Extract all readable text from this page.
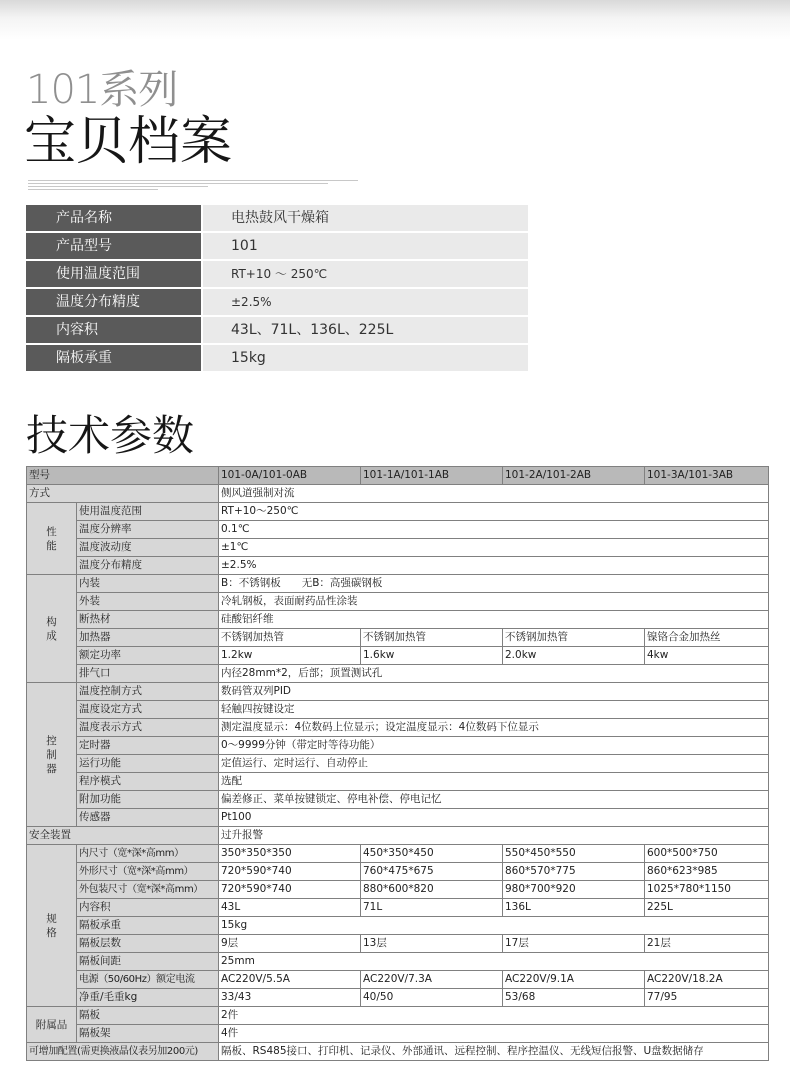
101系列
宝贝档案
产品名称	电热鼓风干燥箱
产品型号	101
使用温度范围	RT+10 ～ 250℃
温度分布精度	±2.5%
内容积	43L、71L、136L、225L
隔板承重	15kg
技术参数
型号		101-0A/101-0AB	101-1A/101-1AB	101-2A/101-2AB	101-3A/101-3AB
方式		侧风道强制对流			
性
能	使用温度范围	RT+10～250℃			
	温度分辨率	0.1℃			
	温度波动度	±1℃			
	温度分布精度	±2.5%			
构
成	内装	B：不锈钢板　　无B：高强碳钢板			
	外装	冷轧钢板，表面耐药品性涂装			
	断热材	硅酸铝纤维			
	加热器	不锈钢加热管	不锈钢加热管	不锈钢加热管	镍铬合金加热丝
	额定功率	1.2kw	1.6kw	2.0kw	4kw
	排气口	内径28mm*2，后部；顶置测试孔			
控
制
器	温度控制方式	数码管双列PID			
	温度设定方式	轻触四按键设定			
	温度表示方式	测定温度显示：4位数码上位显示；设定温度显示：4位数码下位显示			
	定时器	0～9999分钟（带定时等待功能）			
	运行功能	定值运行、定时运行、自动停止			
	程序模式	选配			
	附加功能	偏差修正、菜单按键锁定、停电补偿、停电记忆			
	传感器	Pt100			
安全装置		过升报警			
规
格	内尺寸（宽*深*高mm）	350*350*350	450*350*450	550*450*550	600*500*750
	外形尺寸（宽*深*高mm）	720*590*740	760*475*675	860*570*775	860*623*985
	外包装尺寸（宽*深*高mm）	720*590*740	880*600*820	980*700*920	1025*780*1150
	内容积	43L	71L	136L	225L
	隔板承重	15kg			
	隔板层数	9层	13层	17层	21层
	隔板间距	25mm			
	电源（50/60Hz）额定电流	AC220V/5.5A	AC220V/7.3A	AC220V/9.1A	AC220V/18.2A
	净重/毛重kg	33/43	40/50	53/68	77/95
附属品	隔板	2件			
	隔板架	4件			
可增加配置(需更换液晶仪表另加200元)		隔板、RS485接口、打印机、记录仪、外部通讯、远程控制、程序控温仪、无线短信报警、U盘数据储存			
